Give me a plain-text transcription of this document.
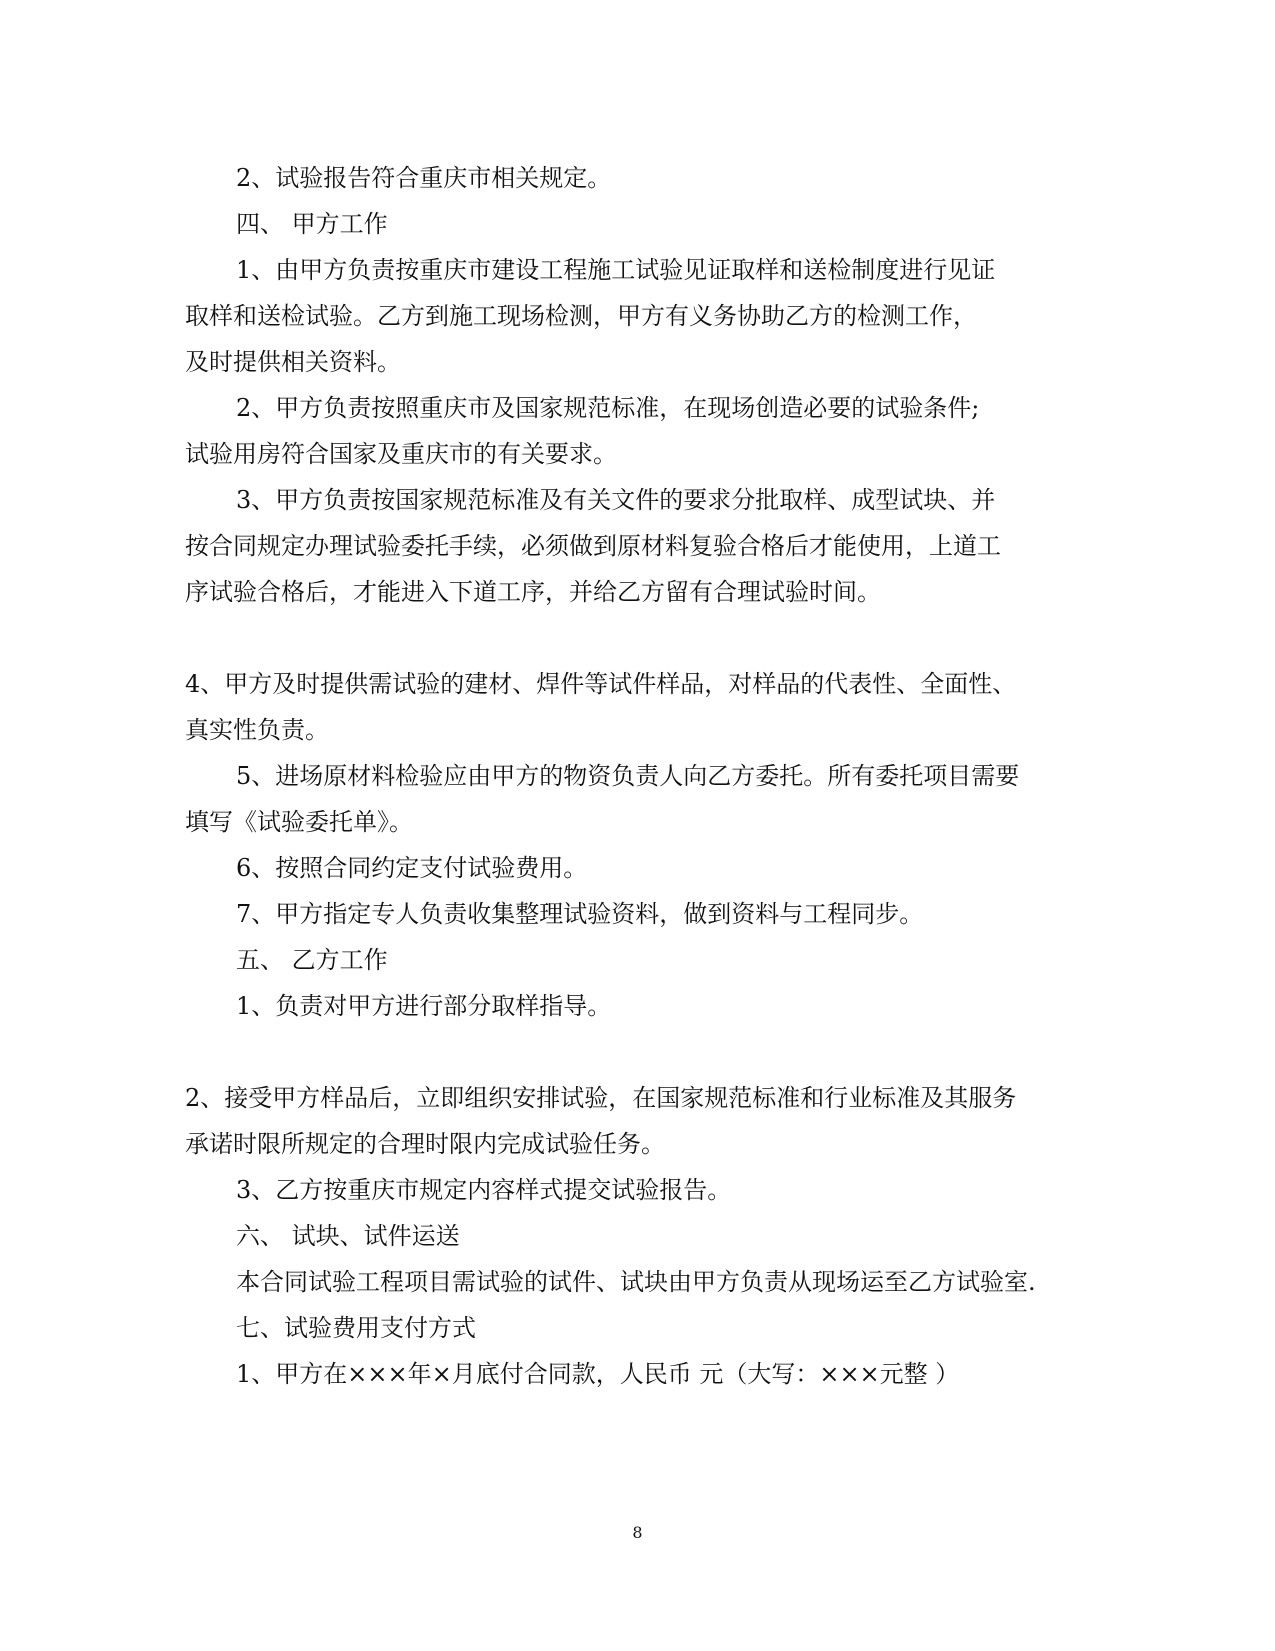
2、试验报告符合重庆市相关规定。
四、 甲方工作
1、由甲方负责按重庆市建设工程施工试验见证取样和送检制度进行见证
取样和送检试验。乙方到施工现场检测，甲方有义务协助乙方的检测工作，
及时提供相关资料。
2、甲方负责按照重庆市及国家规范标准，在现场创造必要的试验条件;
试验用房符合国家及重庆市的有关要求。
3、甲方负责按国家规范标准及有关文件的要求分批取样、成型试块、并
按合同规定办理试验委托手续，必须做到原材料复验合格后才能使用，上道工
序试验合格后，才能进入下道工序，并给乙方留有合理试验时间。
4、甲方及时提供需试验的建材、焊件等试件样品，对样品的代表性、全面性、
真实性负责。
5、进场原材料检验应由甲方的物资负责人向乙方委托。所有委托项目需要
填写《试验委托单》。
6、按照合同约定支付试验费用。
7、甲方指定专人负责收集整理试验资料，做到资料与工程同步。
五、 乙方工作
1、负责对甲方进行部分取样指导。
2、接受甲方样品后，立即组织安排试验，在国家规范标准和行业标准及其服务
承诺时限所规定的合理时限内完成试验任务。
3、乙方按重庆市规定内容样式提交试验报告。
六、 试块、试件运送
本合同试验工程项目需试验的试件、试块由甲方负责从现场运至乙方试验室.
七、试验费用支付方式
1、甲方在×××年×月底付合同款，人民币 元（大写：×××元整 ）
8
